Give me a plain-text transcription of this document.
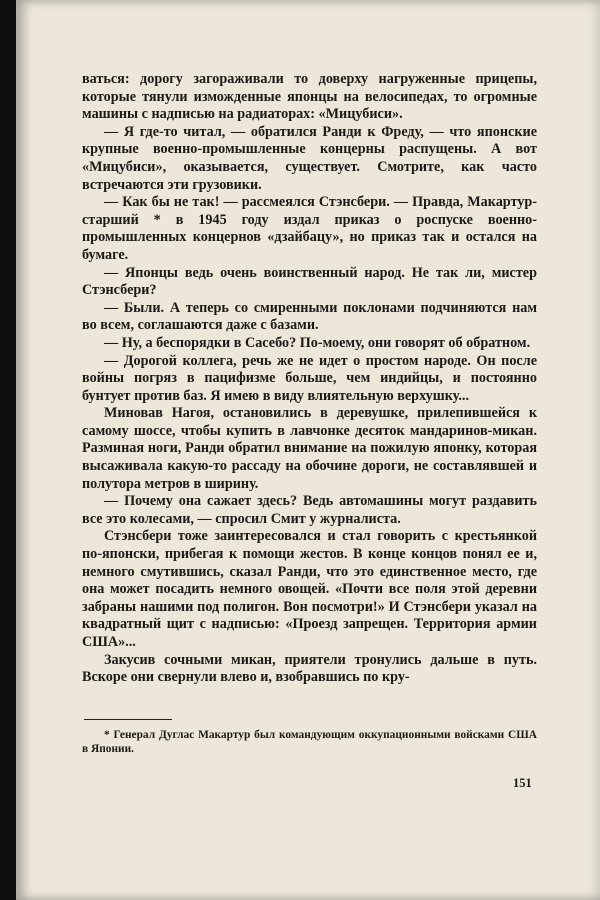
ваться: дорогу загораживали то доверху нагруженные прицепы, которые тянули изможденные японцы на велосипедах, то огромные машины с надписью на радиаторах: «Мицубиси».

— Я где-то читал, — обратился Ранди к Фреду, — что японские крупные военно-промышленные концерны распущены. А вот «Мицубиси», оказывается, существует. Смотрите, как часто встречаются эти грузовики.

— Как бы не так! — рассмеялся Стэнсбери. — Правда, Макартур-старший * в 1945 году издал приказ о роспуске военно-промышленных концернов «дзайбацу», но приказ так и остался на бумаге.

— Японцы ведь очень воинственный народ. Не так ли, мистер Стэнсбери?

— Были. А теперь со смиренными поклонами подчиняются нам во всем, соглашаются даже с базами.

— Ну, а беспорядки в Сасебо? По-моему, они говорят об обратном.

— Дорогой коллега, речь же не идет о простом народе. Он после войны погряз в пацифизме больше, чем индийцы, и постоянно бунтует против баз. Я имею в виду влиятельную верхушку...

Миновав Нагоя, остановились в деревушке, прилепившейся к самому шоссе, чтобы купить в лавчонке десяток мандаринов-микан. Разминая ноги, Ранди обратил внимание на пожилую японку, которая высаживала какую-то рассаду на обочине дороги, не составлявшей и полутора метров в ширину.

— Почему она сажает здесь? Ведь автомашины могут раздавить все это колесами, — спросил Смит у журналиста.

Стэнсбери тоже заинтересовался и стал говорить с крестьянкой по-японски, прибегая к помощи жестов. В конце концов понял ее и, немного смутившись, сказал Ранди, что это единственное место, где она может посадить немного овощей. «Почти все поля этой деревни забраны нашими под полигон. Вон посмотри!» И Стэнсбери указал на квадратный щит с надписью: «Проезд запрещен. Территория армии США»...

Закусив сочными микан, приятели тронулись дальше в путь. Вскоре они свернули влево и, взобравшись по кру-

* Генерал Дуглас Макартур был командующим оккупационными войсками США в Японии.

151
